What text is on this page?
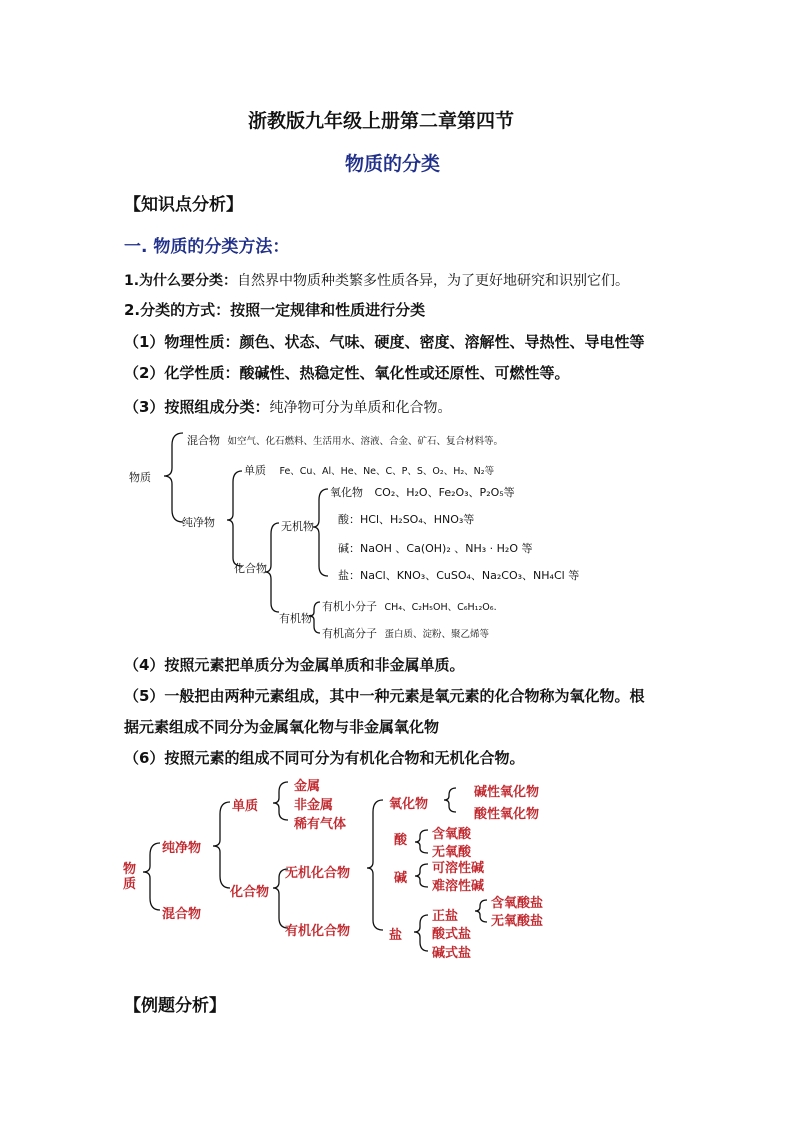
浙教版九年级上册第二章第四节
物质的分类
【知识点分析】
一. 物质的分类方法：
1.为什么要分类：自然界中物质种类繁多性质各异，为了更好地研究和识别它们。
2.分类的方式：按照一定规律和性质进行分类
（1）物理性质：颜色、状态、气味、硬度、密度、溶解性、导热性、导电性等
（2）化学性质：酸碱性、热稳定性、氧化性或还原性、可燃性等。
（3）按照组成分类：纯净物可分为单质和化合物。
物质
混合物 如空气、化石燃料、生活用水、溶液、合金、矿石、复合材料等。
纯净物
单质 Fe、Cu、Al、He、Ne、C、P、S、O₂、H₂、N₂等
化合物
无机物
氧化物 CO₂、H₂O、Fe₂O₃、P₂O₅等
酸：HCl、H₂SO₄、HNO₃等
碱：NaOH 、Ca(OH)₂ 、NH₃ · H₂O 等
盐：NaCl、KNO₃、CuSO₄、Na₂CO₃、NH₄Cl 等
有机物
有机小分子 CH₄、C₂H₅OH、C₆H₁₂O₆.
有机高分子 蛋白质、淀粉、聚乙烯等
（4）按照元素把单质分为金属单质和非金属单质。
（5）一般把由两种元素组成，其中一种元素是氧元素的化合物称为氧化物。根
据元素组成不同分为金属氧化物与非金属氧化物
（6）按照元素的组成不同可分为有机化合物和无机化合物。
物质
纯净物
混合物
单质
金属
非金属
稀有气体
化合物
无机化合物
有机化合物
氧化物
碱性氧化物
酸性氧化物
酸 含氧酸
无氧酸
碱
可溶性碱
难溶性碱
盐
正盐
含氧酸盐
无氧酸盐
酸式盐
碱式盐
【例题分析】
